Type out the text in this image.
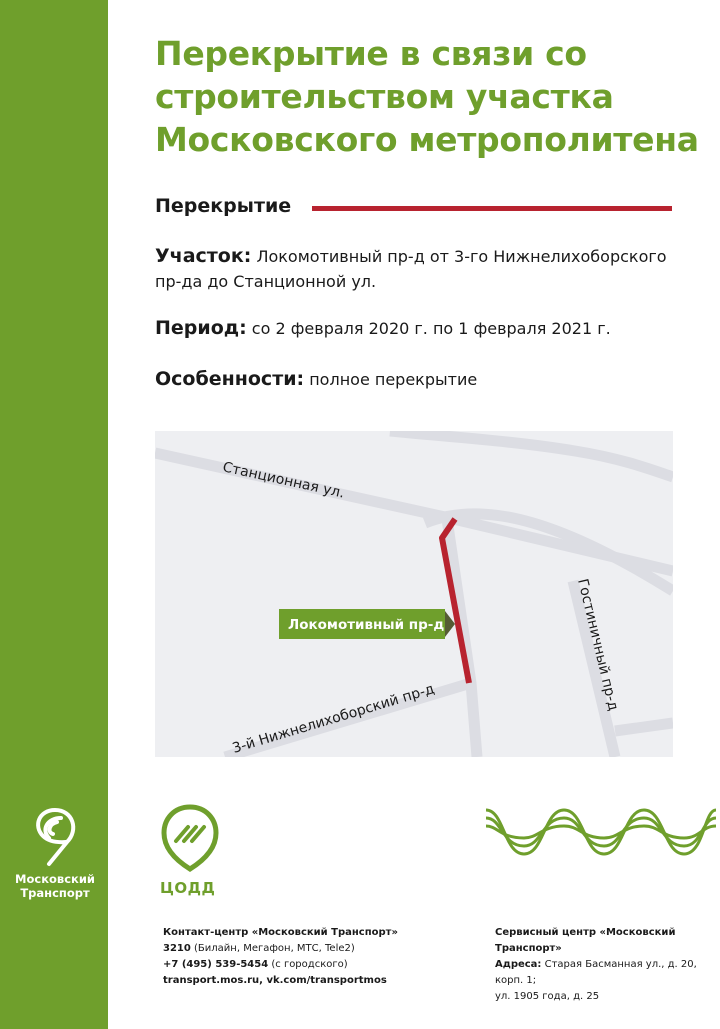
Московский
Транспорт
Перекрытие в связи со строительством участка Московского метрополитена
Перекрытие
Участок: Локомотивный пр-д от 3-го Нижнелихоборского пр-да до Станционной ул.
Период: со 2 февраля 2020 г. по 1 февраля 2021 г.
Особенности: полное перекрытие
Станционная ул.
Гостиничный пр-д
3-й Нижнелихоборский пр-д
Локомотивный пр-д
ЦОДД
Контакт-центр «Московский Транспорт»
3210 (Билайн, Мегафон, МТС, Tele2)
+7 (495) 539-5454 (с городского)
transport.mos.ru, vk.com/transportmos
Сервисный центр «Московский Транспорт»
Адреса: Старая Басманная ул., д. 20, корп. 1;
ул. 1905 года, д. 25
